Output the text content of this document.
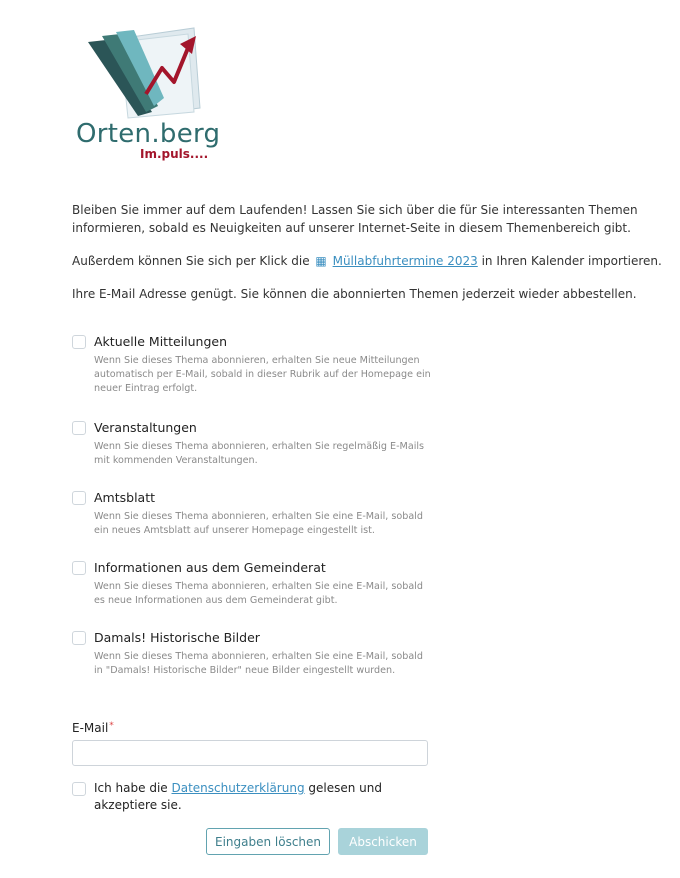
Orten.berg
Im.puls....

Bleiben Sie immer auf dem Laufenden! Lassen Sie sich über die für Sie interessanten Themen informieren, sobald es Neuigkeiten auf unserer Internet-Seite in diesem Themenbereich gibt.

Außerdem können Sie sich per Klick die ▦ Müllabfuhrtermine 2023 in Ihren Kalender importieren.

Ihre E-Mail Adresse genügt. Sie können die abonnierten Themen jederzeit wieder abbestellen.

Aktuelle Mitteilungen
Wenn Sie dieses Thema abonnieren, erhalten Sie neue Mitteilungen automatisch per E-Mail, sobald in dieser Rubrik auf der Homepage ein neuer Eintrag erfolgt.
Veranstaltungen
Wenn Sie dieses Thema abonnieren, erhalten Sie regelmäßig E-Mails mit kommenden Veranstaltungen.
Amtsblatt
Wenn Sie dieses Thema abonnieren, erhalten Sie eine E-Mail, sobald ein neues Amtsblatt auf unserer Homepage eingestellt ist.
Informationen aus dem Gemeinderat
Wenn Sie dieses Thema abonnieren, erhalten Sie eine E-Mail, sobald es neue Informationen aus dem Gemeinderat gibt.
Damals! Historische Bilder
Wenn Sie dieses Thema abonnieren, erhalten Sie eine E-Mail, sobald in "Damals! Historische Bilder" neue Bilder eingestellt wurden.
E-Mail*
Ich habe die Datenschutzerklärung gelesen und akzeptiere sie.
Eingaben löschen	Abschicken
